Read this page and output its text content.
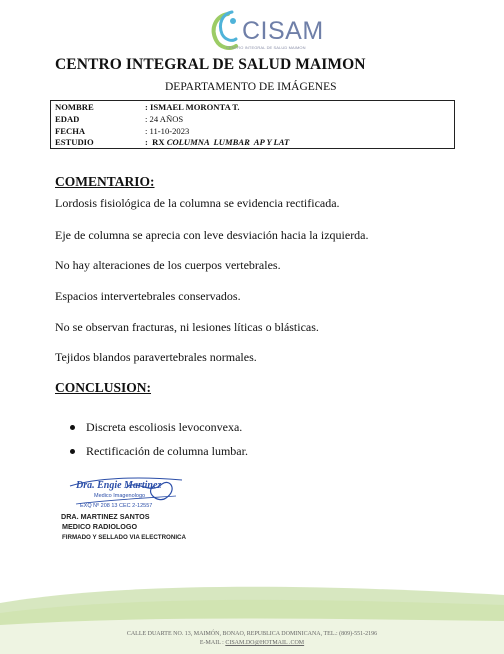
CISAM
CENTRO INTEGRAL DE SALUD MAIMON
CENTRO INTEGRAL DE SALUD MAIMON
DEPARTAMENTO DE IMÁGENES
NOMBRE	: ISMAEL MORONTA T.
EDAD	: 24 AÑOS
FECHA	: 11-10-2023
ESTUDIO	:  RX COLUMNA  LUMBAR  AP Y LAT
COMENTARIO:
Lordosis fisiológica de la columna se evidencia rectificada.
Eje de columna se aprecia con leve desviación hacia la izquierda.
No hay alteraciones de los cuerpos vertebrales.
Espacios intervertebrales conservados.
No se observan fracturas, ni lesiones líticas o blásticas.
Tejidos blandos paravertebrales normales.
CONCLUSION:
Discreta escoliosis levoconvexa.
Rectificación de columna lumbar.
Dra. Engie Martinez
Medico Imagenologo
EXQ Nº 208 13 CEC 2-12557
DRA. MARTINEZ SANTOS
MEDICO RADIOLOGO
FIRMADO Y SELLADO VIA ELECTRONICA
CALLE DUARTE NO. 13, MAIMÓN, BONAO, REPUBLICA DOMINICANA, TEL.: (809)-551-2196
E-MAIL : CISAM.DO@HOTMAIL .COM
